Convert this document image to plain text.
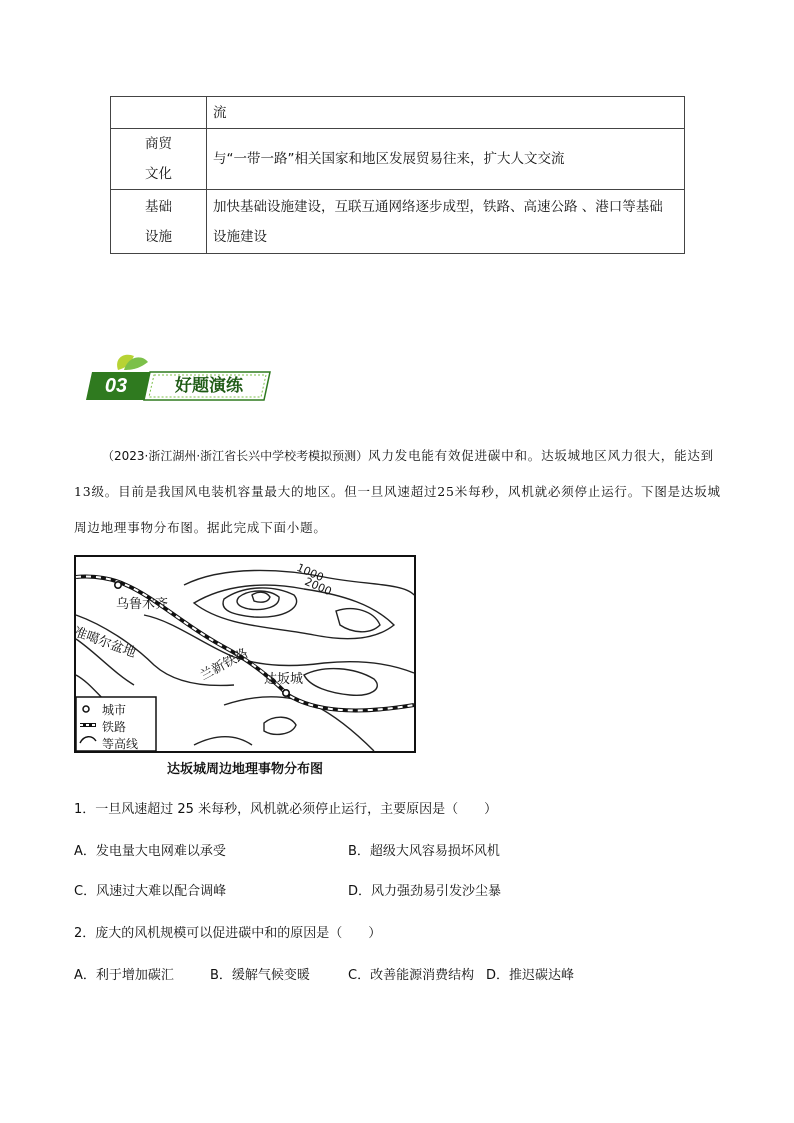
	流
商贸
文化	与“一带一路”相关国家和地区发展贸易往来，扩大人文交流
基础
设施	加快基础设施建设，互联互通网络逐步成型，铁路、高速公路 、港口等基础
设施建设
03	好题演练
（2023·浙江湖州·浙江省长兴中学校考模拟预测）风力发电能有效促进碳中和。达坂城地区风力很大，能达到13级。目前是我国风电装机容量最大的地区。但一旦风速超过25米每秒，风机就必须停止运行。下图是达坂城周边地理事物分布图。据此完成下面小题。
乌鲁木齐
准噶尔盆地
兰新铁路 达坂城
1000
2000
城市
铁路
等高线
达坂城周边地理事物分布图
1．一旦风速超过 25 米每秒，风机就必须停止运行，主要原因是（　　）
A．发电量大电网难以承受	B．超级大风容易损坏风机
C．风速过大难以配合调峰	D．风力强劲易引发沙尘暴
2．庞大的风机规模可以促进碳中和的原因是（　　）
A．利于增加碳汇	B．缓解气候变暖	C．改善能源消费结构 D．推迟碳达峰
